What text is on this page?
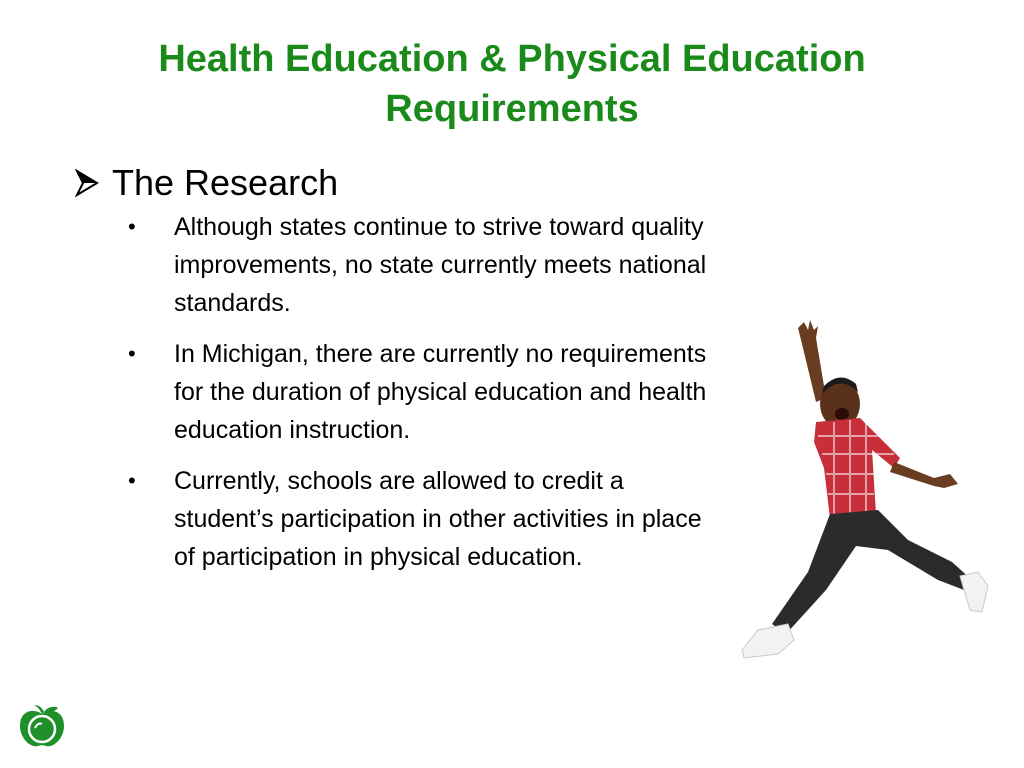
Health Education & Physical Education
Requirements
The Research
• Although states continue to strive toward quality improvements, no state currently meets national standards.
• In Michigan, there are currently no requirements for the duration of physical education and health education instruction.
• Currently, schools are allowed to credit a student’s participation in other activities in place of participation in physical education.
